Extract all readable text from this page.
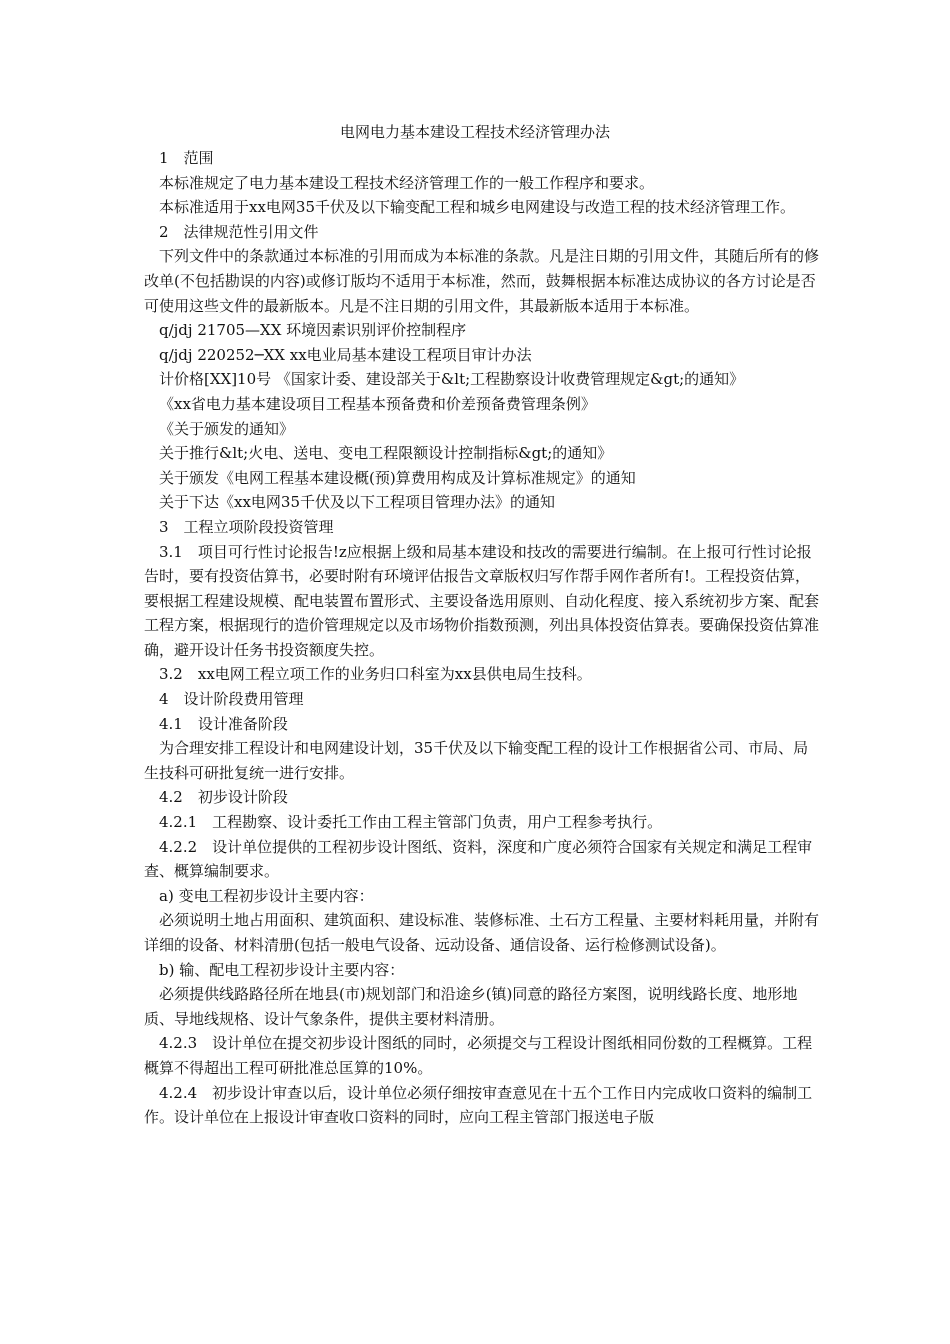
电网电力基本建设工程技术经济管理办法

1　范围

本标准规定了电力基本建设工程技术经济管理工作的一般工作程序和要求。

本标准适用于xx电网35千伏及以下输变配工程和城乡电网建设与改造工程的技术经济管理工作。

2　法律规范性引用文件

下列文件中的条款通过本标准的引用而成为本标准的条款。凡是注日期的引用文件，其随后所有的修改单(不包括勘误的内容)或修订版均不适用于本标准，然而，鼓舞根据本标准达成协议的各方讨论是否可使用这些文件的最新版本。凡是不注日期的引用文件，其最新版本适用于本标准。

q/jdj 21705—XX 环境因素识别评价控制程序

q/jdj 220252─XX xx电业局基本建设工程项目审计办法

计价格[XX]10号 《国家计委、建设部关于&lt;工程勘察设计收费管理规定&gt;的通知》

《xx省电力基本建设项目工程基本预备费和价差预备费管理条例》

《关于颁发的通知》

关于推行&lt;火电、送电、变电工程限额设计控制指标&gt;的通知》

关于颁发《电网工程基本建设概(预)算费用构成及计算标准规定》的通知

关于下达《xx电网35千伏及以下工程项目管理办法》的通知

3　工程立项阶段投资管理

3.1　项目可行性讨论报告!z应根据上级和局基本建设和技改的需要进行编制。在上报可行性讨论报告时，要有投资估算书，必要时附有环境评估报告文章版权归写作帮手网作者所有!。工程投资估算，要根据工程建设规模、配电装置布置形式、主要设备选用原则、自动化程度、接入系统初步方案、配套工程方案，根据现行的造价管理规定以及市场物价指数预测，列出具体投资估算表。要确保投资估算准确，避开设计任务书投资额度失控。

3.2　xx电网工程立项工作的业务归口科室为xx县供电局生技科。

4　设计阶段费用管理

4.1　设计准备阶段

为合理安排工程设计和电网建设计划，35千伏及以下输变配工程的设计工作根据省公司、市局、局生技科可研批复统一进行安排。

4.2　初步设计阶段

4.2.1　工程勘察、设计委托工作由工程主管部门负责，用户工程参考执行。

4.2.2　设计单位提供的工程初步设计图纸、资料，深度和广度必须符合国家有关规定和满足工程审查、概算编制要求。

a) 变电工程初步设计主要内容：

必须说明土地占用面积、建筑面积、建设标准、装修标准、土石方工程量、主要材料耗用量，并附有详细的设备、材料清册(包括一般电气设备、远动设备、通信设备、运行检修测试设备)。

b) 输、配电工程初步设计主要内容：

必须提供线路路径所在地县(市)规划部门和沿途乡(镇)同意的路径方案图，说明线路长度、地形地质、导地线规格、设计气象条件，提供主要材料清册。

4.2.3　设计单位在提交初步设计图纸的同时，必须提交与工程设计图纸相同份数的工程概算。工程概算不得超出工程可研批准总匡算的10%。

4.2.4　初步设计审查以后，设计单位必须仔细按审查意见在十五个工作日内完成收口资料的编制工作。设计单位在上报设计审查收口资料的同时，应向工程主管部门报送电子版
